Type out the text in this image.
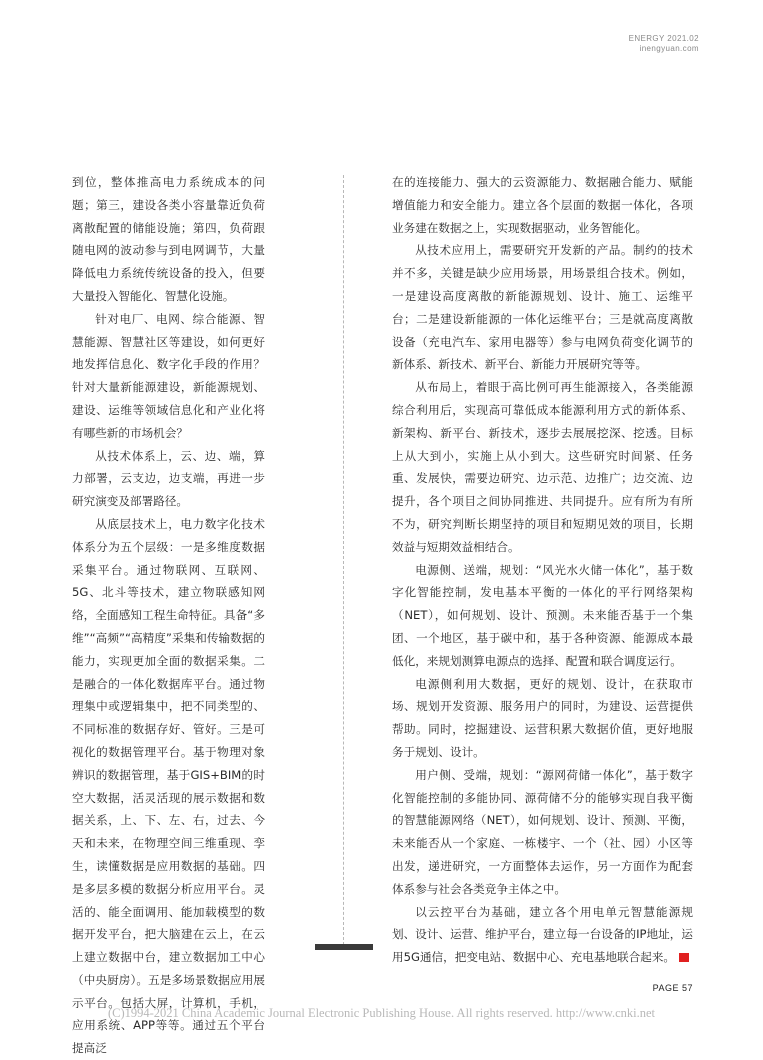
ENERGY 2021.02
inengyuan.com

到位，整体推高电力系统成本的问题；第三，建设各类小容量靠近负荷离散配置的储能设施；第四，负荷跟随电网的波动参与到电网调节，大量降低电力系统传统设备的投入，但要大量投入智能化、智慧化设施。

针对电厂、电网、综合能源、智慧能源、智慧社区等建设，如何更好地发挥信息化、数字化手段的作用？针对大量新能源建设，新能源规划、建设、运维等领域信息化和产业化将有哪些新的市场机会？

从技术体系上，云、边、端，算力部署，云支边，边支端，再进一步研究演变及部署路径。

从底层技术上，电力数字化技术体系分为五个层级：一是多维度数据采集平台。通过物联网、互联网、5G、北斗等技术，建立物联感知网络，全面感知工程生命特征。具备“多维”“高频”“高精度”采集和传输数据的能力，实现更加全面的数据采集。二是融合的一体化数据库平台。通过物理集中或逻辑集中，把不同类型的、不同标准的数据存好、管好。三是可视化的数据管理平台。基于物理对象辨识的数据管理，基于GIS+BIM的时空大数据，活灵活现的展示数据和数据关系，上、下、左、右，过去、今天和未来，在物理空间三维重现、孪生，读懂数据是应用数据的基础。四是多层多模的数据分析应用平台。灵活的、能全面调用、能加载模型的数据开发平台，把大脑建在云上，在云上建立数据中台，建立数据加工中心（中央厨房）。五是多场景数据应用展示平台。包括大屏，计算机，手机，应用系统、APP等等。通过五个平台提高泛

在的连接能力、强大的云资源能力、数据融合能力、赋能增值能力和安全能力。建立各个层面的数据一体化，各项业务建在数据之上，实现数据驱动，业务智能化。

从技术应用上，需要研究开发新的产品。制约的技术并不多，关键是缺少应用场景，用场景组合技术。例如，一是建设高度离散的新能源规划、设计、施工、运维平台；二是建设新能源的一体化运维平台；三是就高度离散设备（充电汽车、家用电器等）参与电网负荷变化调节的新体系、新技术、新平台、新能力开展研究等等。

从布局上，着眼于高比例可再生能源接入，各类能源综合利用后，实现高可靠低成本能源利用方式的新体系、新架构、新平台、新技术，逐步去展展挖深、挖透。目标上从大到小，实施上从小到大。这些研究时间紧、任务重、发展快，需要边研究、边示范、边推广；边交流、边提升，各个项目之间协同推进、共同提升。应有所为有所不为，研究判断长期坚持的项目和短期见效的项目，长期效益与短期效益相结合。

电源侧、送端，规划：“风光水火储一体化”，基于数字化智能控制，发电基本平衡的一体化的平行网络架构（NET），如何规划、设计、预测。未来能否基于一个集团、一个地区，基于碳中和，基于各种资源、能源成本最低化，来规划测算电源点的选择、配置和联合调度运行。

电源侧利用大数据，更好的规划、设计，在获取市场、规划开发资源、服务用户的同时，为建设、运营提供帮助。同时，挖掘建设、运营积累大数据价值，更好地服务于规划、设计。

用户侧、受端，规划：“源网荷储一体化”，基于数字化智能控制的多能协同、源荷储不分的能够实现自我平衡的智慧能源网络（NET），如何规划、设计、预测、平衡，未来能否从一个家庭、一栋楼宇、一个（社、园）小区等出发，递进研究，一方面整体去运作，另一方面作为配套体系参与社会各类竞争主体之中。

以云控平台为基础，建立各个用电单元智慧能源规划、设计、运营、维护平台，建立每一台设备的IP地址，运用5G通信，把变电站、数据中心、充电基地联合起来。

PAGE 57
(C)1994-2021 China Academic Journal Electronic Publishing House. All rights reserved. http://www.cnki.net
